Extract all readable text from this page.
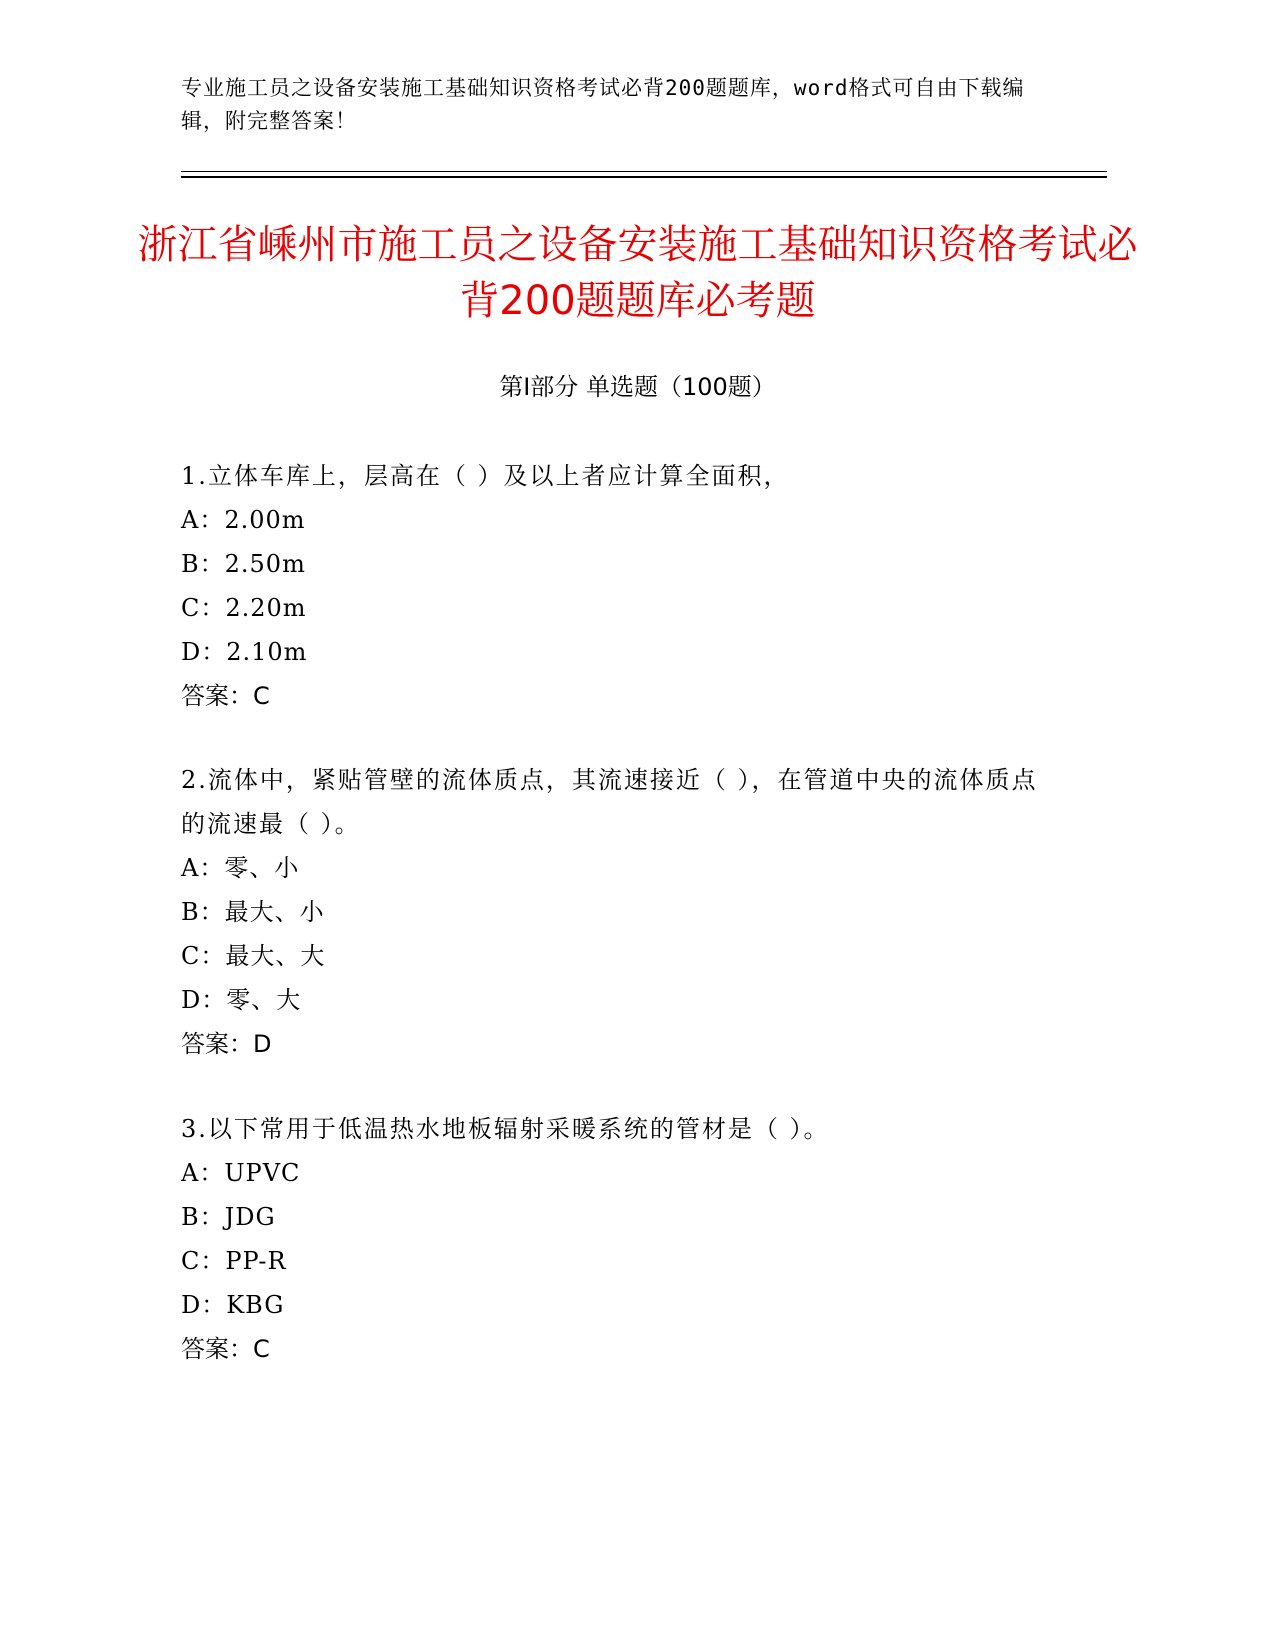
专业施工员之设备安装施工基础知识资格考试必背200题题库，word格式可自由下载编辑，附完整答案！
浙江省嵊州市施工员之设备安装施工基础知识资格考试必背200题题库必考题
第Ⅰ部分 单选题（100题）

1.立体车库上，层高在（ ）及以上者应计算全面积，

A：2.00m

B：2.50m

C：2.20m

D：2.10m

答案：C

2.流体中，紧贴管壁的流体质点，其流速接近（ ），在管道中央的流体质点的流速最（ ）。

A：零、小

B：最大、小

C：最大、大

D：零、大

答案：D

3.以下常用于低温热水地板辐射采暖系统的管材是（ ）。

A：UPVC

B：JDG

C：PP-R

D：KBG

答案：C
